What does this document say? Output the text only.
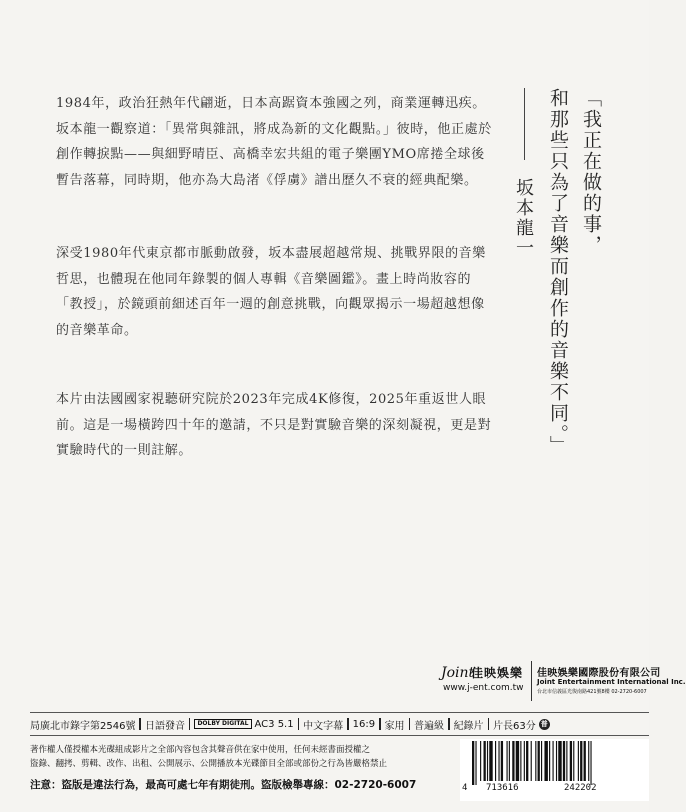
1984年，政治狂熱年代翩逝，日本高踞資本強國之列，商業運轉迅疾。坂本龍一觀察道：「異常與雜訊，將成為新的文化觀點。」彼時，他正處於創作轉捩點——與細野晴臣、高橋幸宏共組的電子樂團YMO席捲全球後暫告落幕，同時期，他亦為大島渚《俘虜》譜出歷久不衰的經典配樂。

深受1980年代東京都市脈動啟發，坂本盡展超越常規、挑戰界限的音樂哲思，也體現在他同年錄製的個人專輯《音樂圖鑑》。畫上時尚妝容的「教授」，於鏡頭前細述百年一週的創意挑戰，向觀眾揭示一場超越想像的音樂革命。

本片由法國國家視聽研究院於2023年完成4K修復，2025年重返世人眼前。這是一場橫跨四十年的邀請，不只是對實驗音樂的深刻凝視，更是對實驗時代的一則註解。

「我正在做的事，
和那些只為了音樂而創作的音樂不同。」
坂本龍一
Joint
佳映娛樂
www.j-ent.com.tw
佳映娛樂國際股份有限公司
Joint Entertainment International Inc.
台北市信義區光復南路421號8樓 02-2720-6007
局廣北市錄字第2546號 日語發音	DOLBY DIGITAL AC3 5.1 中文字幕 16:9 家用 普遍級 紀錄片 片長63分 普
著作權人僅授權本光碟組成影片之全部內容包含其聲音供在家中使用，任何未經書面授權之
盜錄、翻拷、剪輯、改作、出租、公開展示、公開播放本光碟節目全部或部份之行為皆嚴格禁止
注意：盜版是違法行為，最高可處七年有期徒刑。盜版檢舉專線：02-2720-6007	4 713616	242202
